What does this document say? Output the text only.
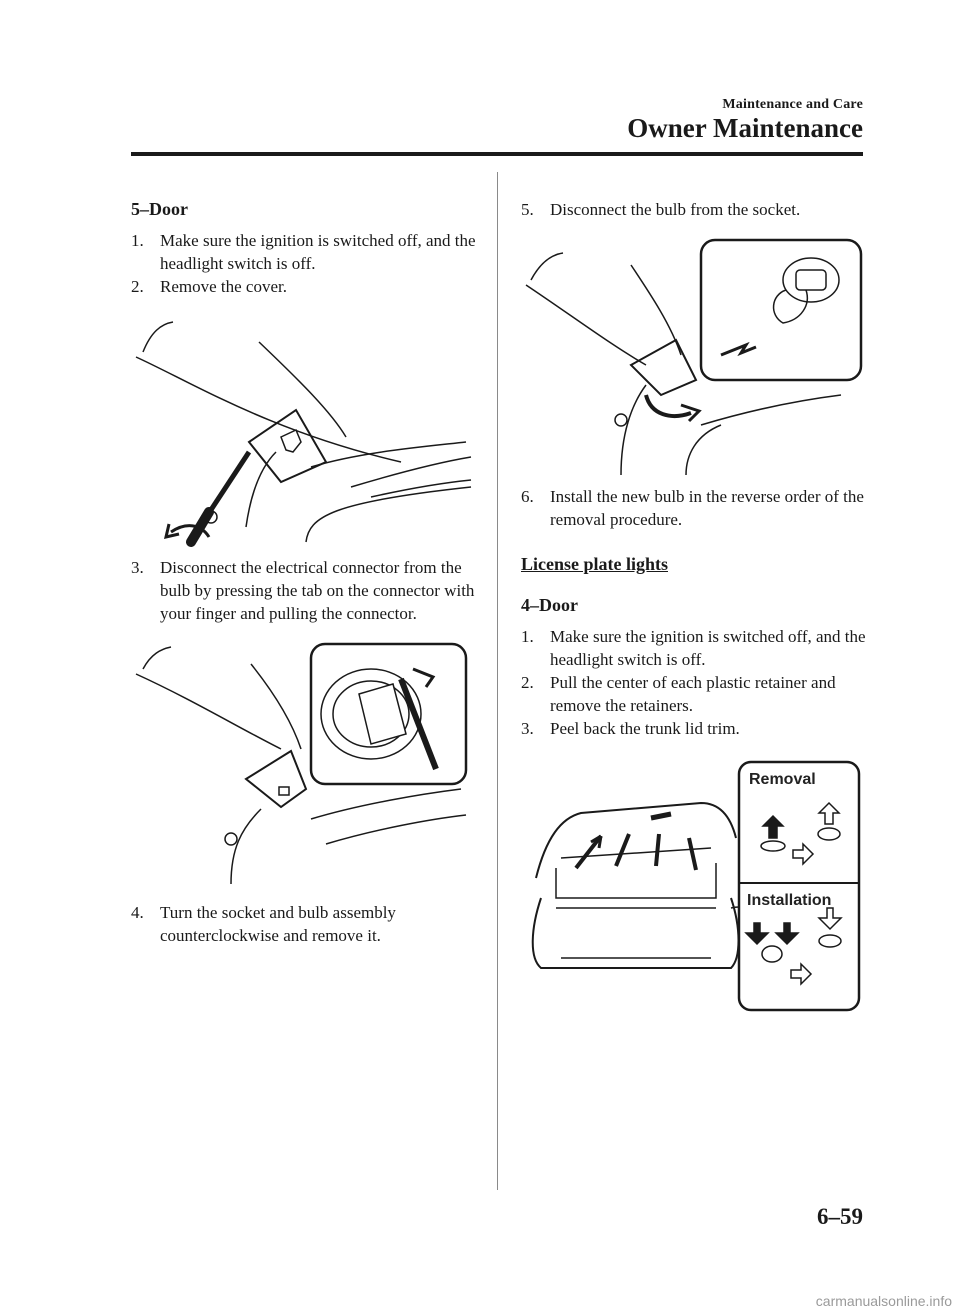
Maintenance and Care
Owner Maintenance

5–Door

1. Make sure the ignition is switched off, and the headlight switch is off.

2. Remove the cover.

3. Disconnect the electrical connector from the bulb by pressing the tab on the connector with your finger and pulling the connector.

4. Turn the socket and bulb assembly counterclockwise and remove it.

5. Disconnect the bulb from the socket.

6. Install the new bulb in the reverse order of the removal procedure.

License plate lights

4–Door

1. Make sure the ignition is switched off, and the headlight switch is off.

2. Pull the center of each plastic retainer and remove the retainers.

3. Peel back the trunk lid trim.

Removal
Installation
6–59
carmanualsonline.info
